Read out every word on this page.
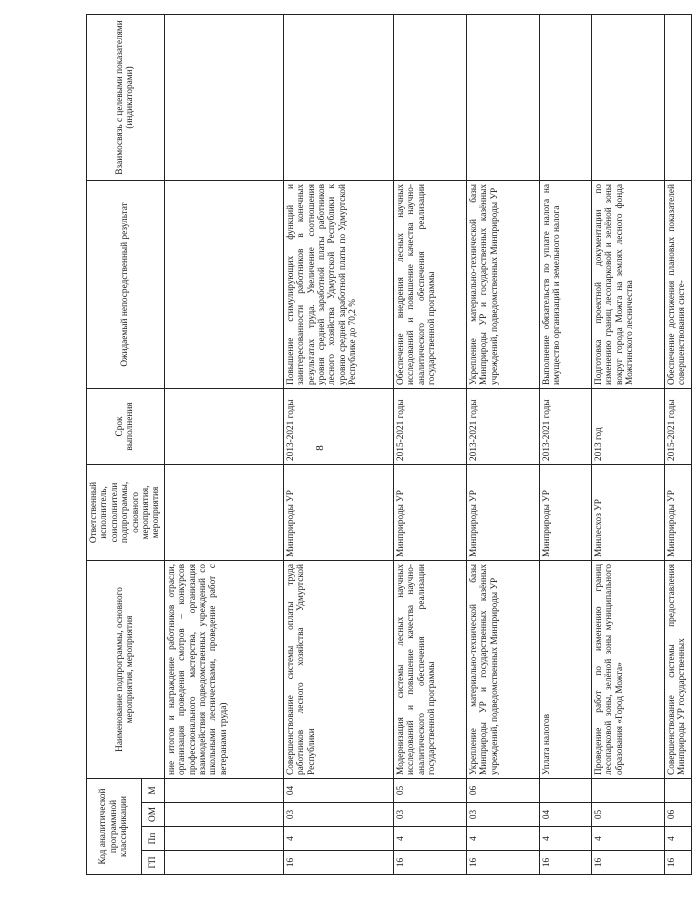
8
Код аналитической программной классификации				Наименование подпрограммы, основного мероприятия, мероприятия	Ответственный исполнитель, соисполнители подпрограммы, основного мероприятия, мероприятия	Срок выполнения	Ожидаемый непосредственный результат	Взаимосвязь с целевыми показателями (индикаторами)
ГП	Пп	ОМ	М					
				ние итогов и награждение работников отрасли, организация проведения смотров – конкурсов профессионального мастерства, организация взаимодействия подведомственных учреждений со школьными лесничествами, проведение работ с ветеранами труда)				
16	4	03	04	Совершенствование системы оплаты труда работников лесного хозяйства Удмуртской Республики	Минприроды УР	2013-2021 годы	Повышение стимулирующих функций и заинтересованности работников в конечных результатах труда. Увеличение соотношения уровня средней заработной платы работников лесного хозяйства Удмуртской Республики к уровню средней заработной платы по Удмуртской Республике до 70,2 %	
16	4	03	05	Модернизация системы лесных научных исследований и повышение качества научно-аналитического обеспечения реализации государственной программы	Минприроды УР	2015-2021 годы	Обеспечение внедрения лесных научных исследований и повышение качества научно-аналитического обеспечения реализации государственной программы	
16	4	03	06	Укрепление материально-технической базы Минприроды УР и государственных казённых учреждений, подведомственных Минприроды УР	Минприроды УР	2013-2021 годы	Укрепление материально-технической базы Минприроды УР и государственных казённых учреждений, подведомственных Минприроды УР	
16	4	04		Уплата налогов	Минприроды УР	2013-2021 годы	Выполнение обязательств по уплате налога на имущество организаций и земельного налога	
16	4	05		Проведение работ по изменению границ лесопарковой зоны, зелёной зоны муниципального образования «Город Можга»	Минлесхоз УР	2013 год	Подготовка проектной документации по изменению границ лесопарковой и зелёной зоны вокруг города Можга на землях лесного фонда Можгинского лесничества	
16	4	06		Совершенствование системы предоставления Минприроды УР государственных	Минприроды УР	2015-2021 годы	Обеспечение достижения плановых показателей совершенствования систе-	
